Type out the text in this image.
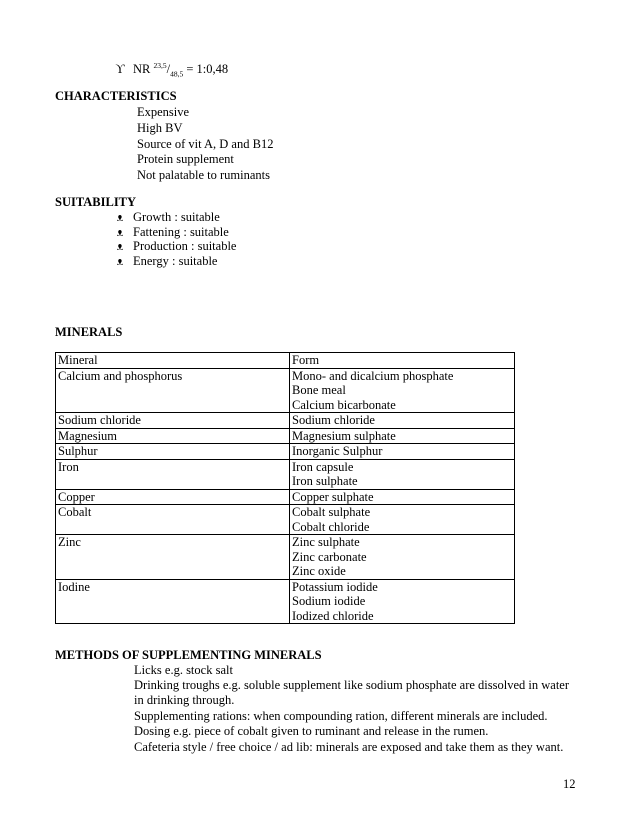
ϒ NR $^{23,5}/_{48,5}$ = 1:0,48
CHARACTERISTICS
Expensive
High BV
Source of vit A, D and B12
Protein supplement
Not palatable to ruminants
SUITABILITY
ᴥ Growth : suitable
ᴥ Fattening : suitable
ᴥ Production : suitable
ᴥ Energy : suitable
MINERALS
Mineral	Form
Calcium and phosphorus	Mono- and dicalcium phosphate
Bone meal
Calcium bicarbonate

Sodium chloride	Sodium chloride

Magnesium	Magnesium sulphate

Sulphur	Inorganic Sulphur

Iron	Iron capsule
Iron sulphate

Copper	Copper sulphate

Cobalt	Cobalt sulphate
Cobalt chloride

Zinc	Zinc sulphate
Zinc carbonate
Zinc oxide

Iodine	Potassium iodide
Sodium iodide
Iodized chloride
METHODS OF SUPPLEMENTING MINERALS
Licks e.g. stock salt
Drinking troughs e.g. soluble supplement like sodium phosphate are dissolved in water
in drinking through.
Supplementing rations: when compounding ration, different minerals are included.
Dosing e.g. piece of cobalt given to ruminant and release in the rumen.
Cafeteria style / free choice / ad lib: minerals are exposed and take them as they want.
12
